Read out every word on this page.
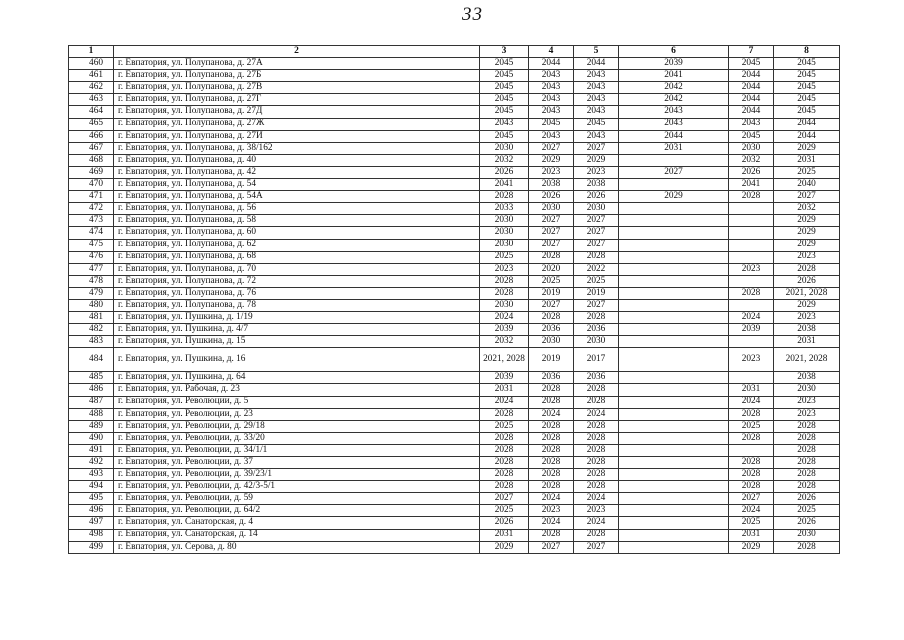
33
1	2	3	4	5	6	7	8
460	г. Евпатория, ул. Полупанова, д. 27А	2045	2044	2044	2039	2045	2045
461	г. Евпатория, ул. Полупанова, д. 27Б	2045	2043	2043	2041	2044	2045
462	г. Евпатория, ул. Полупанова, д. 27В	2045	2043	2043	2042	2044	2045
463	г. Евпатория, ул. Полупанова, д. 27Г	2045	2043	2043	2042	2044	2045
464	г. Евпатория, ул. Полупанова, д. 27Д	2045	2043	2043	2043	2044	2045
465	г. Евпатория, ул. Полупанова, д. 27Ж	2043	2045	2045	2043	2043	2044
466	г. Евпатория, ул. Полупанова, д. 27И	2045	2043	2043	2044	2045	2044
467	г. Евпатория, ул. Полупанова, д. 38/162	2030	2027	2027	2031	2030	2029
468	г. Евпатория, ул. Полупанова, д. 40	2032	2029	2029		2032	2031
469	г. Евпатория, ул. Полупанова, д. 42	2026	2023	2023	2027	2026	2025
470	г. Евпатория, ул. Полупанова, д. 54	2041	2038	2038		2041	2040
471	г. Евпатория, ул. Полупанова, д. 54А	2028	2026	2026	2029	2028	2027
472	г. Евпатория, ул. Полупанова, д. 56	2033	2030	2030			2032
473	г. Евпатория, ул. Полупанова, д. 58	2030	2027	2027			2029
474	г. Евпатория, ул. Полупанова, д. 60	2030	2027	2027			2029
475	г. Евпатория, ул. Полупанова, д. 62	2030	2027	2027			2029
476	г. Евпатория, ул. Полупанова, д. 68	2025	2028	2028			2023
477	г. Евпатория, ул. Полупанова, д. 70	2023	2020	2022		2023	2028
478	г. Евпатория, ул. Полупанова, д. 72	2028	2025	2025			2026
479	г. Евпатория, ул. Полупанова, д. 76	2028	2019	2019		2028	2021, 2028
480	г. Евпатория, ул. Полупанова, д. 78	2030	2027	2027			2029
481	г. Евпатория, ул. Пушкина, д. 1/19	2024	2028	2028		2024	2023
482	г. Евпатория, ул. Пушкина, д. 4/7	2039	2036	2036		2039	2038
483	г. Евпатория, ул. Пушкина, д. 15	2032	2030	2030			2031
484	г. Евпатория, ул. Пушкина, д. 16	2021, 2028	2019	2017		2023	2021, 2028
485	г. Евпатория, ул. Пушкина, д. 64	2039	2036	2036			2038
486	г. Евпатория, ул. Рабочая, д. 23	2031	2028	2028		2031	2030
487	г. Евпатория, ул. Революции, д. 5	2024	2028	2028		2024	2023
488	г. Евпатория, ул. Революции, д. 23	2028	2024	2024		2028	2023
489	г. Евпатория, ул. Революции, д. 29/18	2025	2028	2028		2025	2028
490	г. Евпатория, ул. Революции, д. 33/20	2028	2028	2028		2028	2028
491	г. Евпатория, ул. Революции, д. 34/1/1	2028	2028	2028			2028
492	г. Евпатория, ул. Революции, д. 37	2028	2028	2028		2028	2028
493	г. Евпатория, ул. Революции, д. 39/23/1	2028	2028	2028		2028	2028
494	г. Евпатория, ул. Революции, д. 42/3-5/1	2028	2028	2028		2028	2028
495	г. Евпатория, ул. Революции, д. 59	2027	2024	2024		2027	2026
496	г. Евпатория, ул. Революции, д. 64/2	2025	2023	2023		2024	2025
497	г. Евпатория, ул. Санаторская, д. 4	2026	2024	2024		2025	2026
498	г. Евпатория, ул. Санаторская, д. 14	2031	2028	2028		2031	2030
499	г. Евпатория, ул. Серова, д. 80	2029	2027	2027		2029	2028
